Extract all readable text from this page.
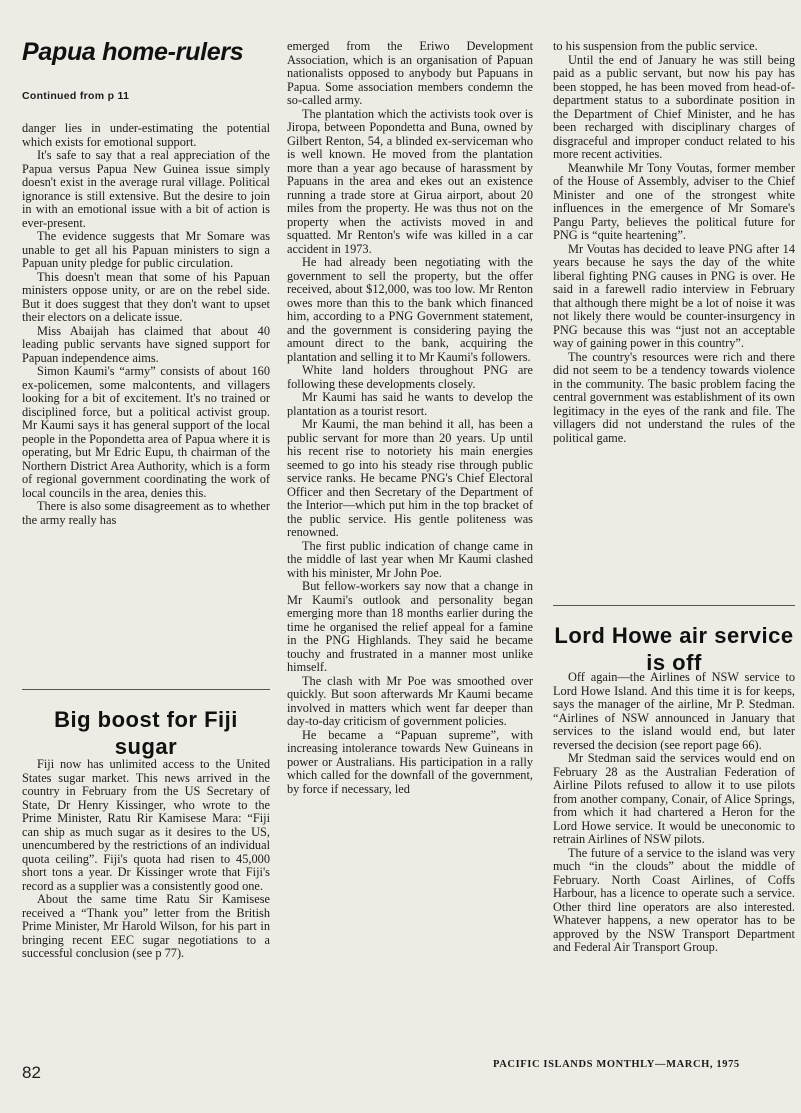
Papua home-rulers

Continued from p 11

danger lies in under-estimating the potential which exists for emotional support.

It's safe to say that a real appreciation of the Papua versus Papua New Guinea issue simply doesn't exist in the average rural village. Political ignorance is still extensive. But the desire to join in with an emotional issue with a bit of action is ever-present.

The evidence suggests that Mr Somare was unable to get all his Papuan ministers to sign a Papuan unity pledge for public circulation.

This doesn't mean that some of his Papuan ministers oppose unity, or are on the rebel side. But it does suggest that they don't want to upset their electors on a delicate issue.

Miss Abaijah has claimed that about 40 leading public servants have signed support for Papuan independence aims.

Simon Kaumi's “army” consists of about 160 ex-policemen, some malcontents, and villagers looking for a bit of excitement. It's no trained or disciplined force, but a political activist group. Mr Kaumi says it has general support of the local people in the Popondetta area of Papua where it is operating, but Mr Edric Eupu, th chairman of the Northern District Area Authority, which is a form of regional government coordinating the work of local councils in the area, denies this.

There is also some disagreement as to whether the army really has

Big boost for Fiji sugar

Fiji now has unlimited access to the United States sugar market. This news arrived in the country in February from the US Secretary of State, Dr Henry Kissinger, who wrote to the Prime Minister, Ratu Rir Kamisese Mara: “Fiji can ship as much sugar as it desires to the US, unencumbered by the restrictions of an individual quota ceiling”. Fiji's quota had risen to 45,000 short tons a year. Dr Kissinger wrote that Fiji's record as a supplier was a consistently good one.

About the same time Ratu Sir Kamisese received a “Thank you” letter from the British Prime Minister, Mr Harold Wilson, for his part in bringing recent EEC sugar negotiations to a successful conclusion (see p 77).

emerged from the Eriwo Development Association, which is an organisation of Papuan nationalists opposed to anybody but Papuans in Papua. Some association members condemn the so-called army.

The plantation which the activists took over is Jiropa, between Popondetta and Buna, owned by Gilbert Renton, 54, a blinded ex-serviceman who is well known. He moved from the plantation more than a year ago because of harassment by Papuans in the area and ekes out an existence running a trade store at Girua airport, about 20 miles from the property. He was thus not on the property when the activists moved in and squatted. Mr Renton's wife was killed in a car accident in 1973.

He had already been negotiating with the government to sell the property, but the offer received, about $12,000, was too low. Mr Renton owes more than this to the bank which financed him, according to a PNG Government statement, and the government is considering paying the amount direct to the bank, acquiring the plantation and selling it to Mr Kaumi's followers.

White land holders throughout PNG are following these developments closely.

Mr Kaumi has said he wants to develop the plantation as a tourist resort.

Mr Kaumi, the man behind it all, has been a public servant for more than 20 years. Up until his recent rise to notoriety his main energies seemed to go into his steady rise through public service ranks. He became PNG's Chief Electoral Officer and then Secretary of the Department of the Interior—which put him in the top bracket of the public service. His gentle politeness was renowned.

The first public indication of change came in the middle of last year when Mr Kaumi clashed with his minister, Mr John Poe.

But fellow-workers say now that a change in Mr Kaumi's outlook and personality began emerging more than 18 months earlier during the time he organised the relief appeal for a famine in the PNG Highlands. They said he became touchy and frustrated in a manner most unlike himself.

The clash with Mr Poe was smoothed over quickly. But soon afterwards Mr Kaumi became involved in matters which went far deeper than day-to-day criticism of government policies.

He became a “Papuan supreme”, with increasing intolerance towards New Guineans in power or Australians. His participation in a rally which called for the downfall of the government, by force if necessary, led

to his suspension from the public service.

Until the end of January he was still being paid as a public servant, but now his pay has been stopped, he has been moved from head-of-department status to a subordinate position in the Department of Chief Minister, and he has been recharged with disciplinary charges of disgraceful and improper conduct related to his more recent activities.

Meanwhile Mr Tony Voutas, former member of the House of Assembly, adviser to the Chief Minister and one of the strongest white influences in the emergence of Mr Somare's Pangu Party, believes the political future for PNG is “quite heartening”.

Mr Voutas has decided to leave PNG after 14 years because he says the day of the white liberal fighting PNG causes in PNG is over. He said in a farewell radio interview in February that although there might be a lot of noise it was not likely there would be counter-insurgency in PNG because this was “just not an acceptable way of gaining power in this country”.

The country's resources were rich and there did not seem to be a tendency towards violence in the community. The basic problem facing the central government was establishment of its own legitimacy in the eyes of the rank and file. The villagers did not understand the rules of the political game.

Lord Howe air service is off

Off again—the Airlines of NSW service to Lord Howe Island. And this time it is for keeps, says the manager of the airline, Mr P. Stedman. “Airlines of NSW announced in January that services to the island would end, but later reversed the decision (see report page 66).

Mr Stedman said the services would end on February 28 as the Australian Federation of Airline Pilots refused to allow it to use pilots from another company, Conair, of Alice Springs, from which it had chartered a Heron for the Lord Howe service. It would be uneconomic to retrain Airlines of NSW pilots.

The future of a service to the island was very much “in the clouds” about the middle of February. North Coast Airlines, of Coffs Harbour, has a licence to operate such a service. Other third line operators are also interested. Whatever happens, a new operator has to be approved by the NSW Transport Department and Federal Air Transport Group.

82	PACIFIC ISLANDS MONTHLY—MARCH, 1975
